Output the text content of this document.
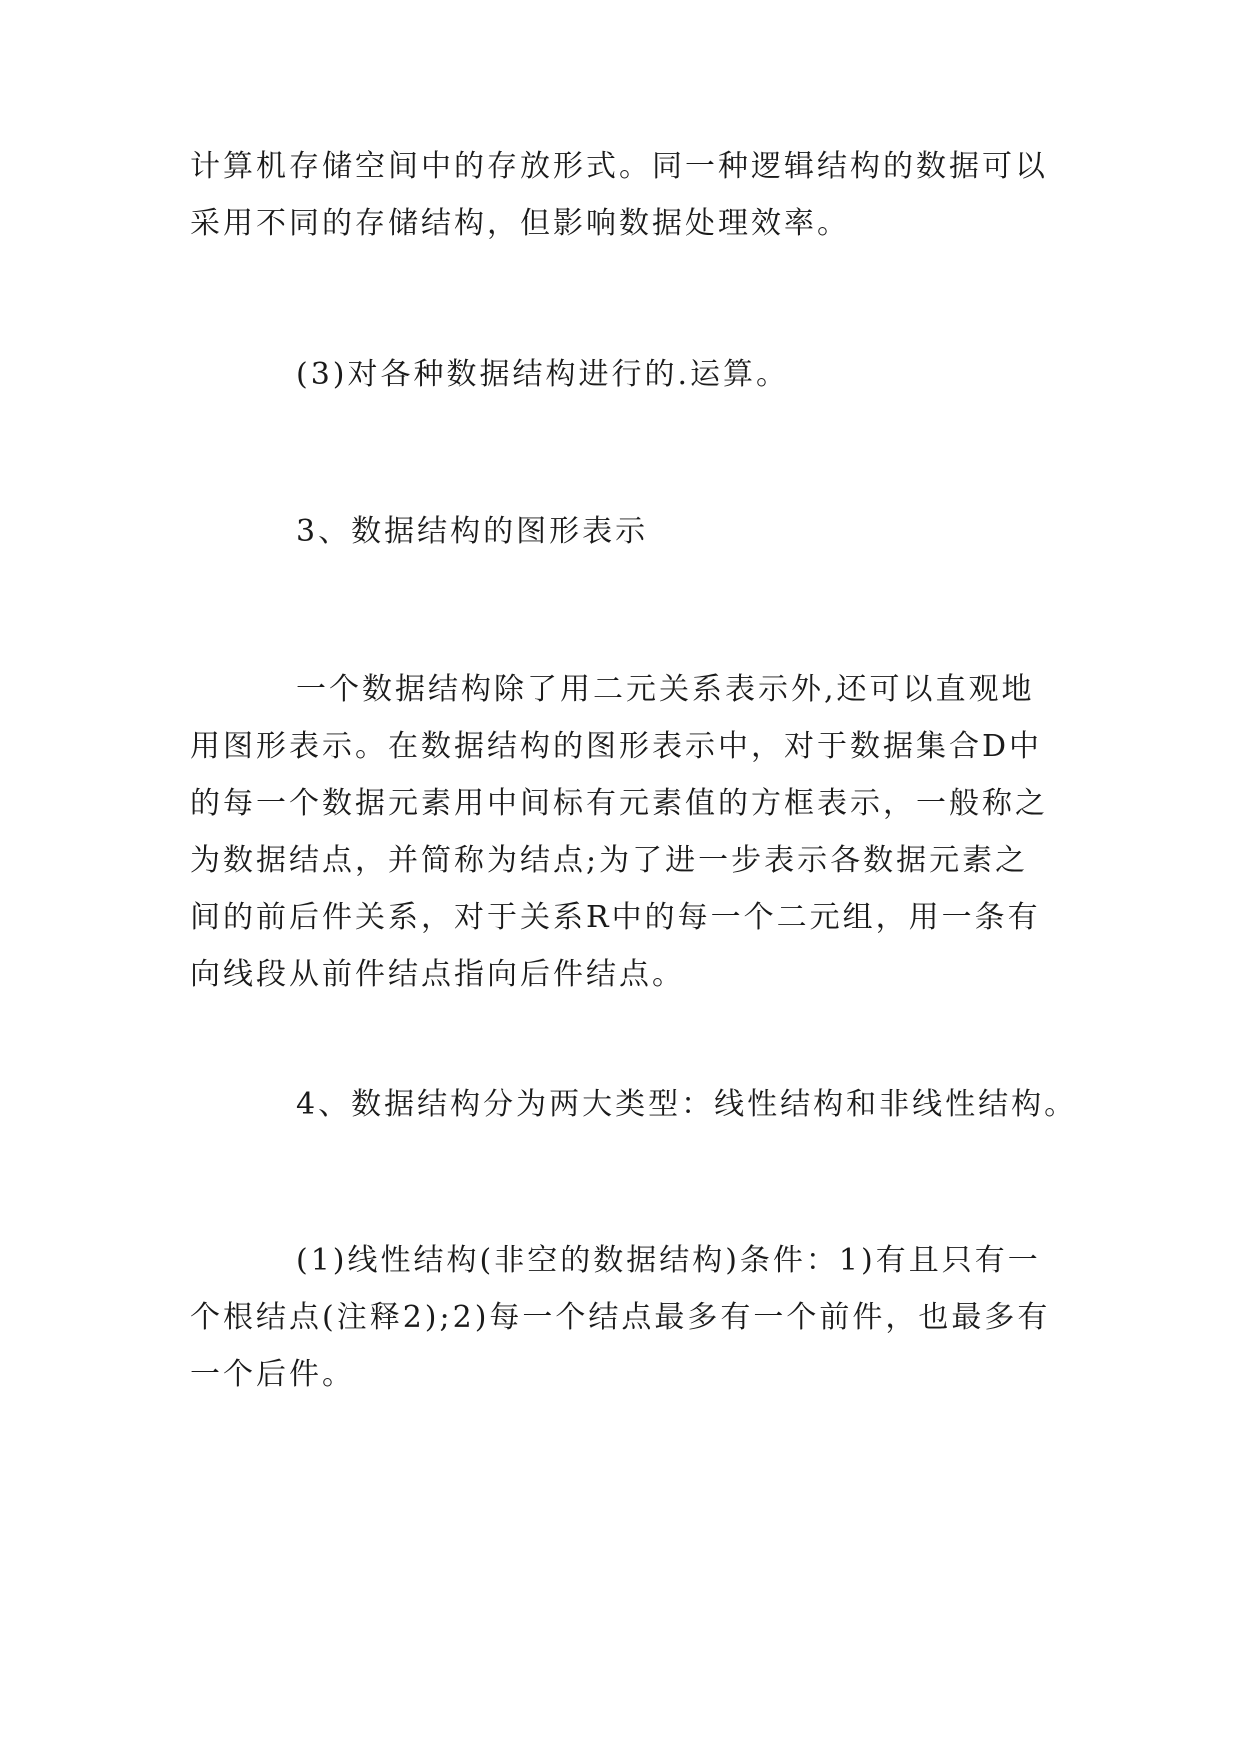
计算机存储空间中的存放形式。同一种逻辑结构的数据可以
采用不同的存储结构，但影响数据处理效率。

(3)对各种数据结构进行的.运算。

3、数据结构的图形表示

一个数据结构除了用二元关系表示外,还可以直观地
用图形表示。在数据结构的图形表示中，对于数据集合D中
的每一个数据元素用中间标有元素值的方框表示，一般称之
为数据结点，并简称为结点;为了进一步表示各数据元素之
间的前后件关系，对于关系R中的每一个二元组，用一条有
向线段从前件结点指向后件结点。

4、数据结构分为两大类型：线性结构和非线性结构。

(1)线性结构(非空的数据结构)条件：1)有且只有一
个根结点(注释2);2)每一个结点最多有一个前件，也最多有
一个后件。
